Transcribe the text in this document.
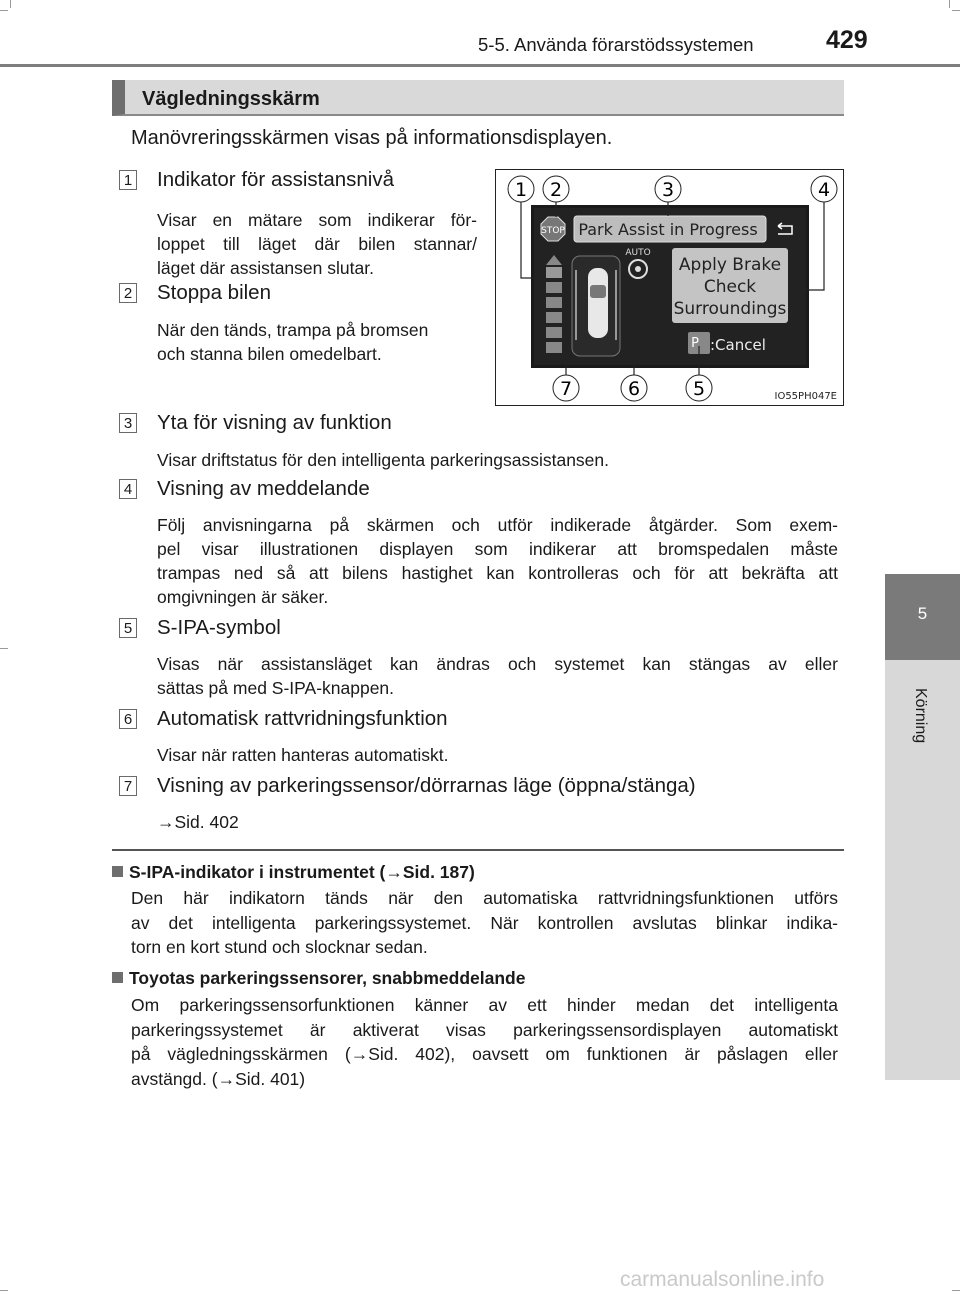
5-5. Använda förarstödssystemen	429
5
Körning
Vägledningsskärm
Manövreringsskärmen visas på informationsdisplayen.
1 Indikator för assistansnivå
Visar en mätare som indikerar för-
loppet till läget där bilen stannar/
läget där assistansen slutar.
2 Stoppa bilen
När den tänds, trampa på bromsen
och stanna bilen omedelbart.
Park Assist in Progress
STOP
AUTO
Apply Brake
Check
Surroundings
P :Cancel
1 2	3	4
7	6	5	IO55PH047E
3 Yta för visning av funktion
Visar driftstatus för den intelligenta parkeringsassistansen.
4 Visning av meddelande
Följ anvisningarna på skärmen och utför indikerade åtgärder. Som exem-
pel visar illustrationen displayen som indikerar att bromspedalen måste
trampas ned så att bilens hastighet kan kontrolleras och för att bekräfta att
omgivningen är säker.
5 S-IPA-symbol
Visas när assistansläget kan ändras och systemet kan stängas av eller
sättas på med S-IPA-knappen.
6 Automatisk rattvridningsfunktion
Visar när ratten hanteras automatiskt.
7 Visning av parkeringssensor/dörrarnas läge (öppna/stänga)
→Sid. 402
S-IPA-indikator i instrumentet (→Sid. 187)
Den här indikatorn tänds när den automatiska rattvridningsfunktionen utförs
av det intelligenta parkeringssystemet. När kontrollen avslutas blinkar indika-
torn en kort stund och slocknar sedan.
Toyotas parkeringssensorer, snabbmeddelande
Om parkeringssensorfunktionen känner av ett hinder medan det intelligenta
parkeringssystemet är aktiverat visas parkeringssensordisplayen automatiskt
på vägledningsskärmen (→Sid. 402), oavsett om funktionen är påslagen eller
avstängd. (→Sid. 401)
carmanualsonline.info
